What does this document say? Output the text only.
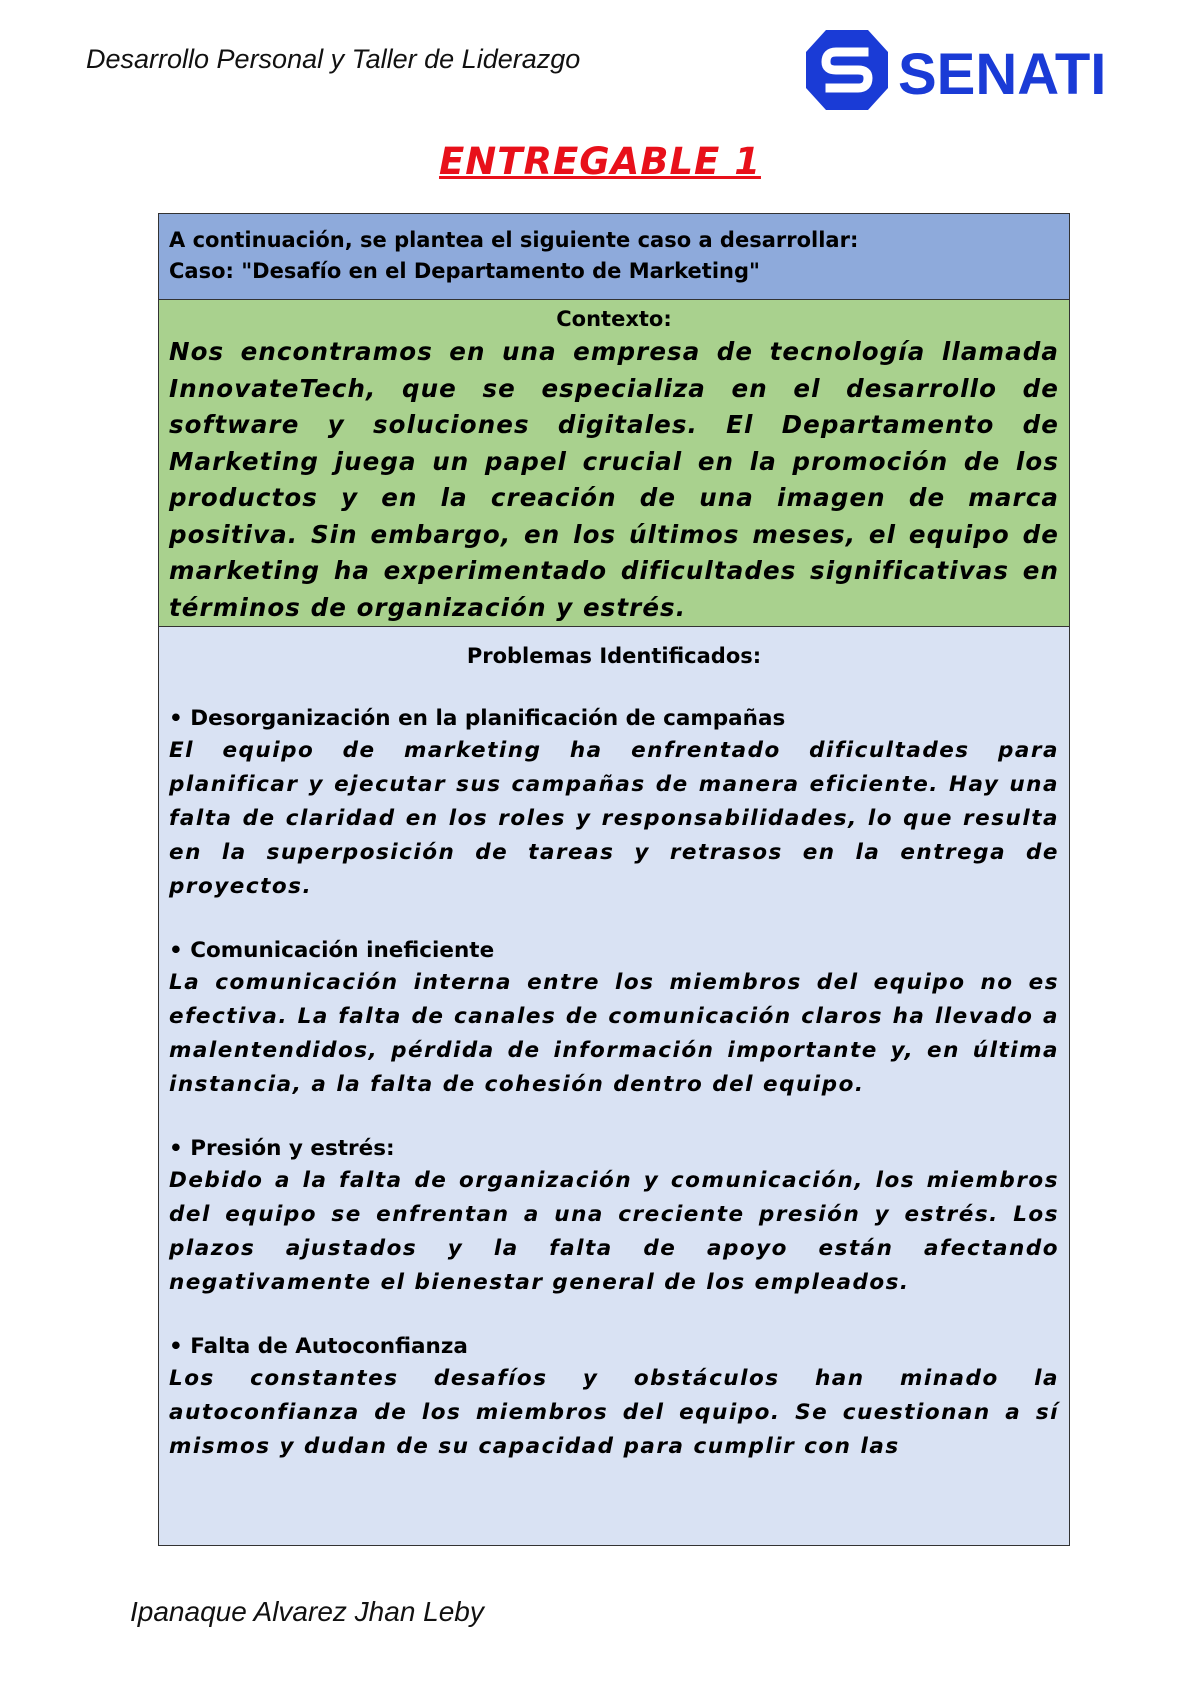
Desarrollo Personal y Taller de Liderazgo	SENATI
ENTREGABLE 1
A continuación, se plantea el siguiente caso a desarrollar:
Caso: "Desafío en el Departamento de Marketing"
Contexto:
Nos encontramos en una empresa de tecnología llamada InnovateTech, que se especializa en el desarrollo de software y soluciones digitales. El Departamento de Marketing juega un papel crucial en la promoción de los productos y en la creación de una imagen de marca positiva. Sin embargo, en los últimos meses, el equipo de marketing ha experimentado dificultades significativas en términos de organización y estrés.
Problemas Identificados:
• Desorganización en la planificación de campañas
El equipo de marketing ha enfrentado dificultades para planificar y ejecutar sus campañas de manera eficiente. Hay una falta de claridad en los roles y responsabilidades, lo que resulta en la superposición de tareas y retrasos en la entrega de proyectos.
• Comunicación ineficiente
La comunicación interna entre los miembros del equipo no es efectiva. La falta de canales de comunicación claros ha llevado a malentendidos, pérdida de información importante y, en última instancia, a la falta de cohesión dentro del equipo.
• Presión y estrés:
Debido a la falta de organización y comunicación, los miembros del equipo se enfrentan a una creciente presión y estrés. Los plazos ajustados y la falta de apoyo están afectando negativamente el bienestar general de los empleados.
• Falta de Autoconfianza
Los constantes desafíos y obstáculos han minado la autoconfianza de los miembros del equipo. Se cuestionan a sí mismos y dudan de su capacidad para cumplir con las
Ipanaque Alvarez Jhan Leby
